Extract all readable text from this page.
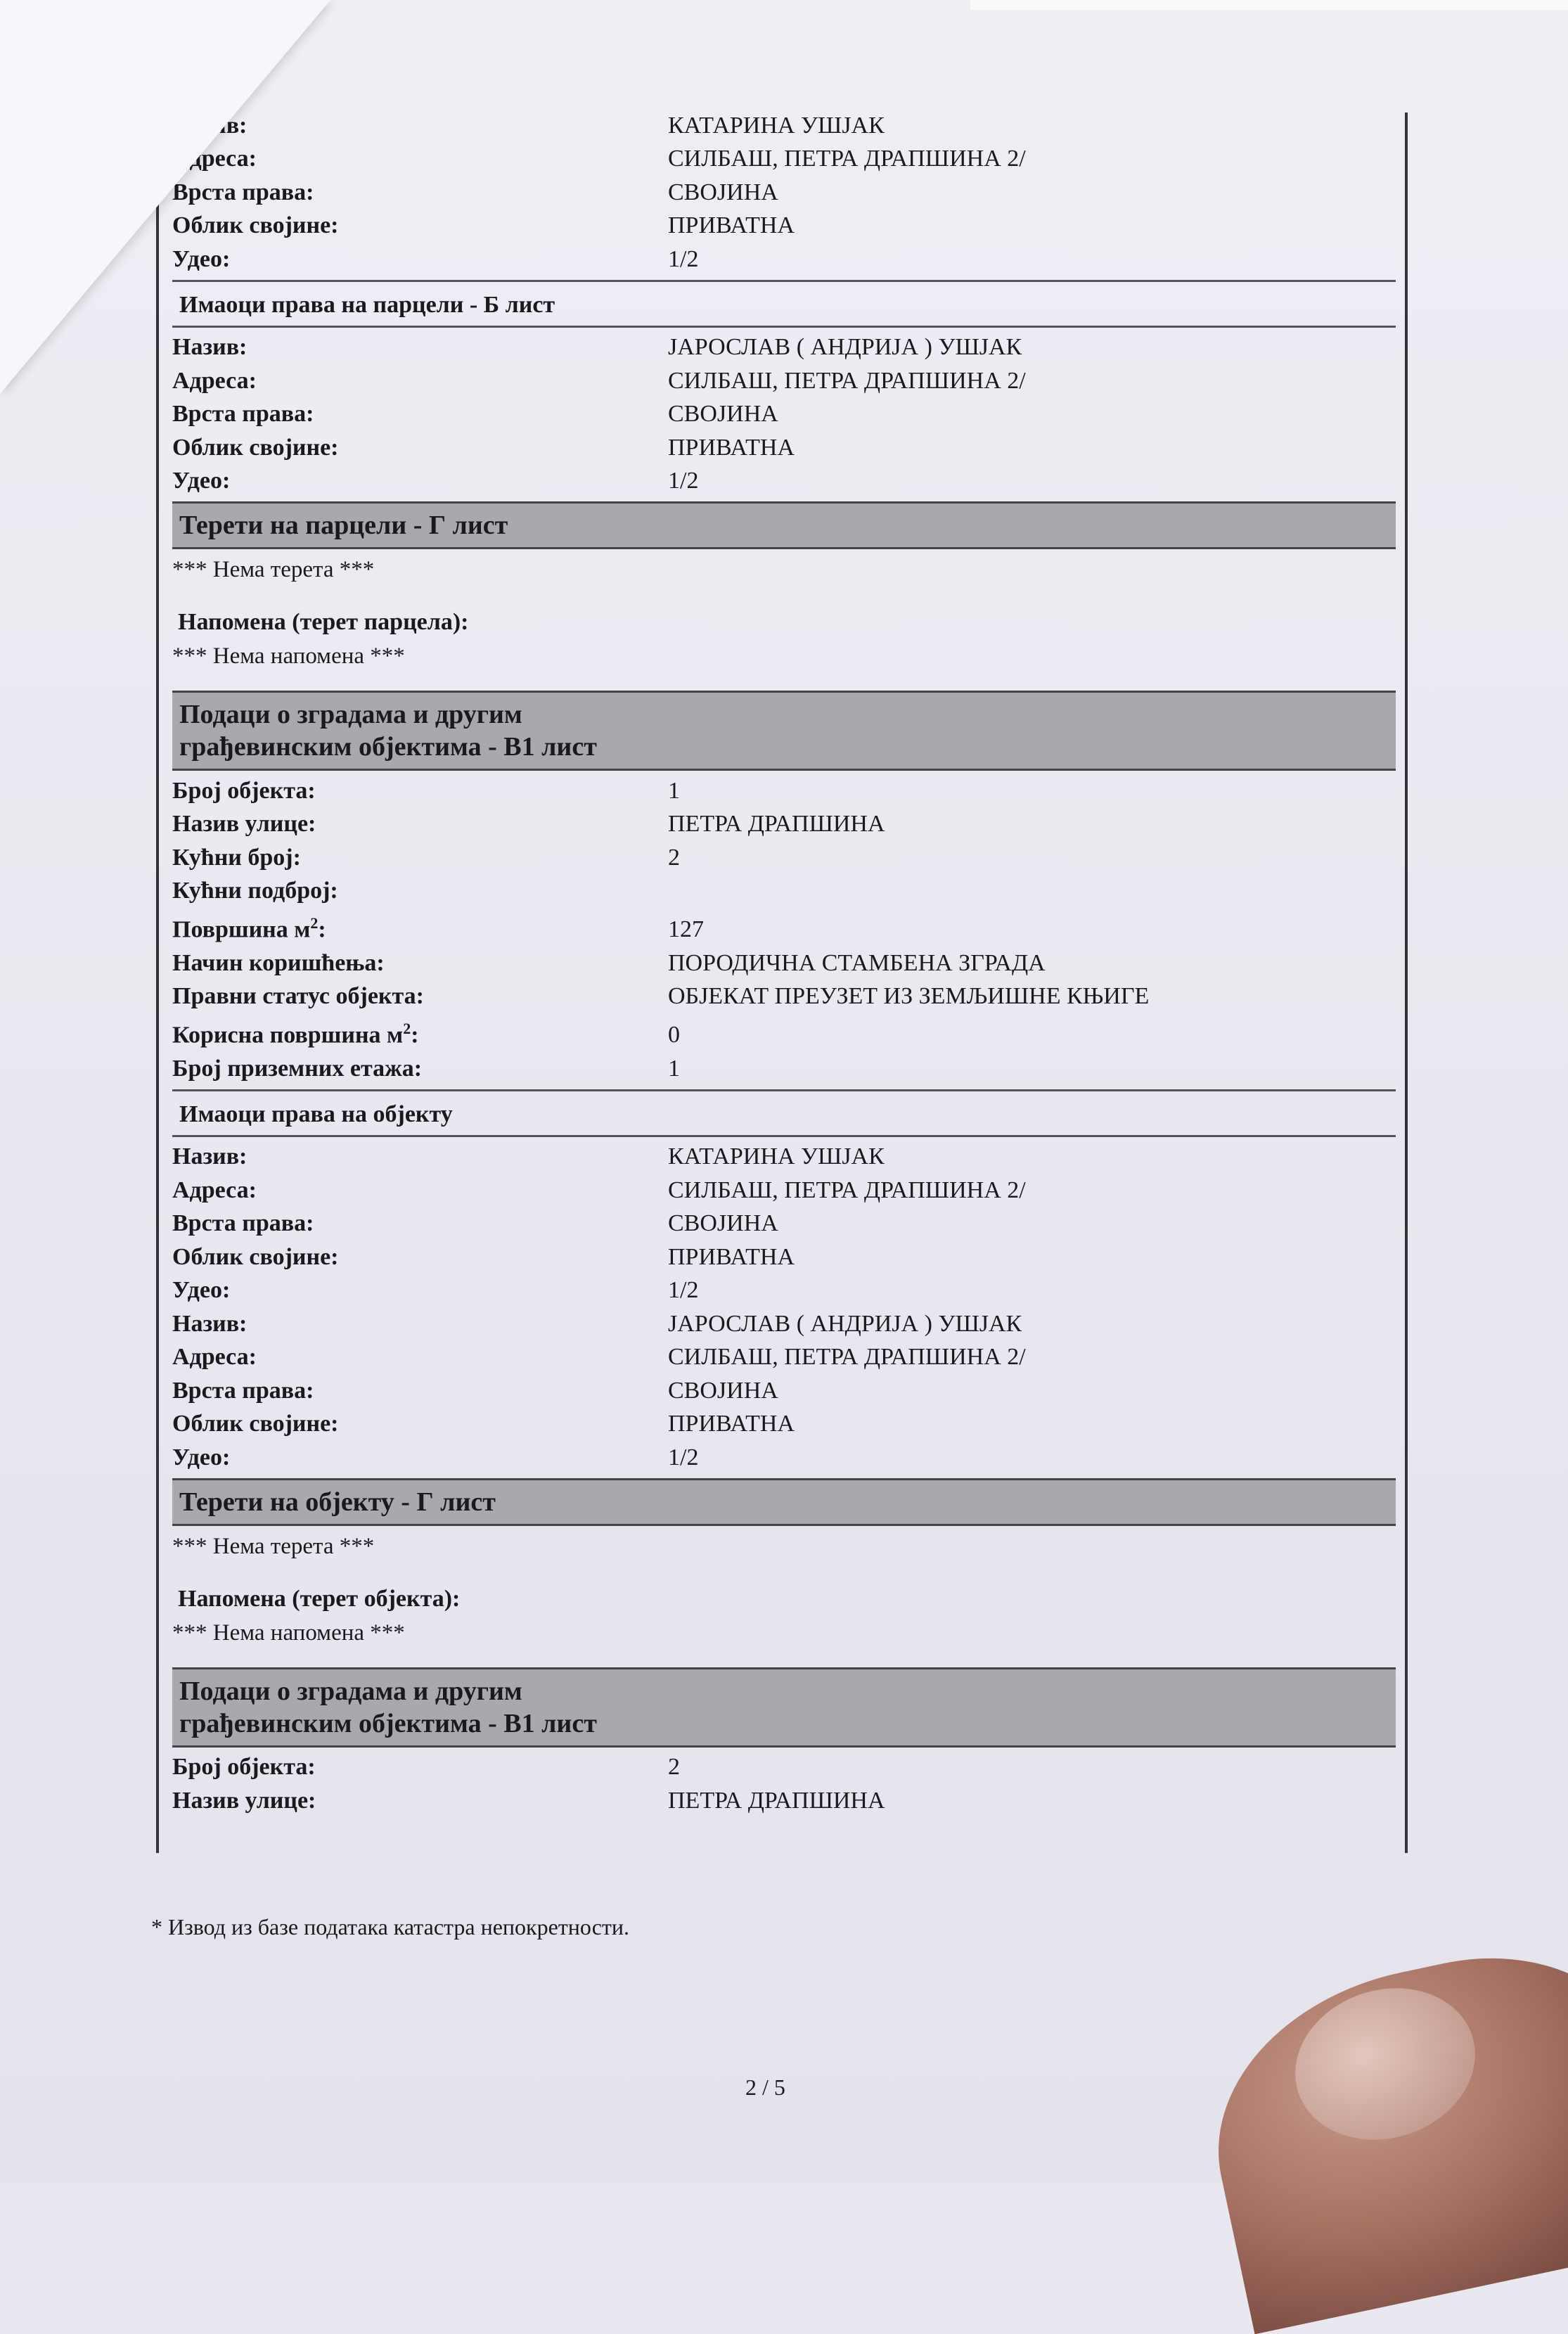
Назив:	КАТАРИНА УШЈАК
Адреса:	СИЛБАШ, ПЕТРА ДРАПШИНА 2/
Врста права:	СВОЈИНА
Облик својине:	ПРИВАТНА
Удео:	1/2
Имаоци права на парцели - Б лист
Назив:	ЈАРОСЛАВ ( АНДРИЈА ) УШЈАК
Адреса:	СИЛБАШ, ПЕТРА ДРАПШИНА 2/
Врста права:	СВОЈИНА
Облик својине:	ПРИВАТНА
Удео:	1/2
Терети на парцели - Г лист
*** Нема терета ***
Напомена (терет парцела):
*** Нема напомена ***
Подаци о зградама и другим
грађевинским објектима - В1 лист
Број објекта:	1
Назив улице:	ПЕТРА ДРАПШИНА
Кућни број:	2
Кућни подброј:
Површина $м^2$:	127
Начин коришћења:	ПОРОДИЧНА СТАМБЕНА ЗГРАДА
Правни статус објекта:	ОБЈЕКАТ ПРЕУЗЕТ ИЗ ЗЕМЉИШНЕ КЊИГЕ
Корисна површина $м^2$:	0
Број приземних етажа:	1
Имаоци права на објекту
Назив:	КАТАРИНА УШЈАК
Адреса:	СИЛБАШ, ПЕТРА ДРАПШИНА 2/
Врста права:	СВОЈИНА
Облик својине:	ПРИВАТНА
Удео:	1/2
Назив:	ЈАРОСЛАВ ( АНДРИЈА ) УШЈАК
Адреса:	СИЛБАШ, ПЕТРА ДРАПШИНА 2/
Врста права:	СВОЈИНА
Облик својине:	ПРИВАТНА
Удео:	1/2
Терети на објекту - Г лист
*** Нема терета ***
Напомена (терет објекта):
*** Нема напомена ***
Подаци о зградама и другим
грађевинским објектима - В1 лист
Број објекта:	2
Назив улице:	ПЕТРА ДРАПШИНА
* Извод из базе података катастра непокретности.
2 / 5
